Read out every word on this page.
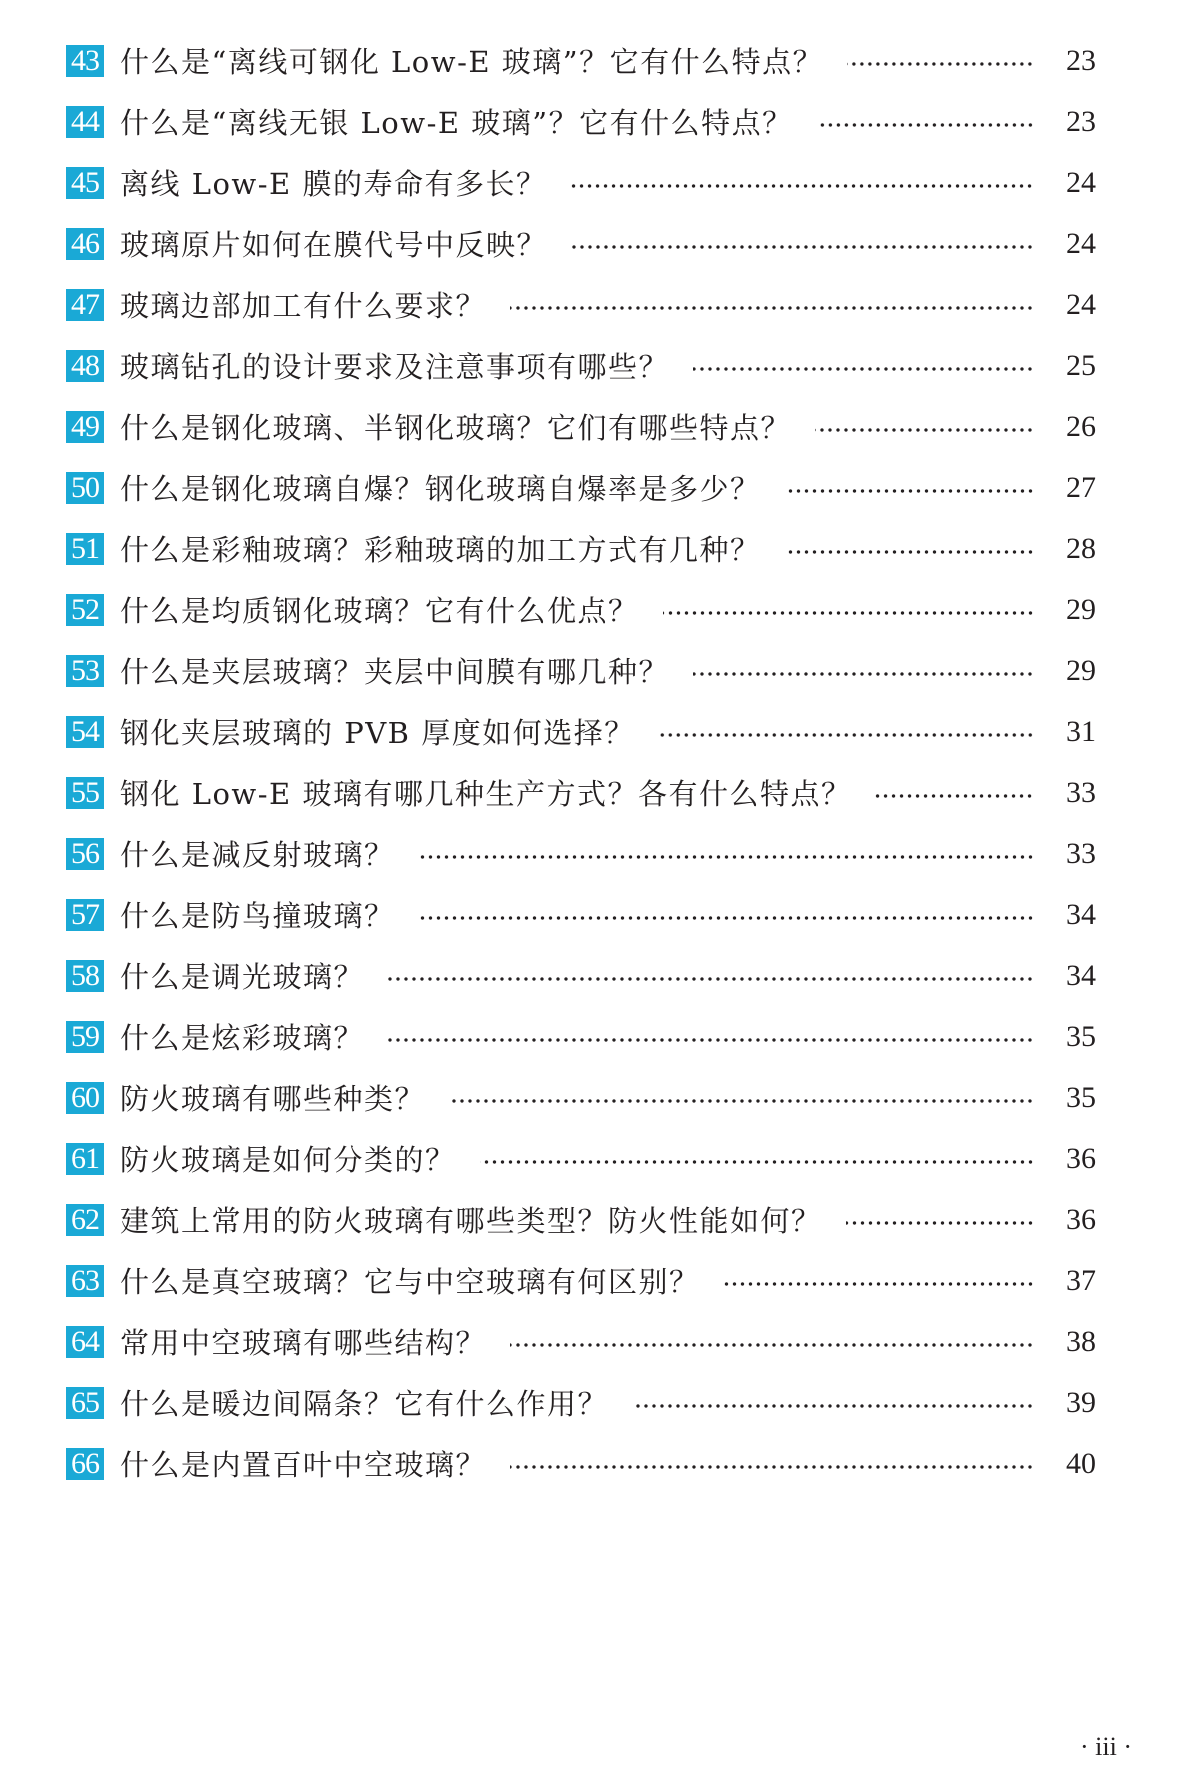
43 什么是“离线可钢化 Low-E 玻璃”？它有什么特点？	23
44 什么是“离线无银 Low-E 玻璃”？它有什么特点？	23
45 离线 Low-E 膜的寿命有多长？	24
46 玻璃原片如何在膜代号中反映？	24
47 玻璃边部加工有什么要求？	24
48 玻璃钻孔的设计要求及注意事项有哪些？	25
49 什么是钢化玻璃、半钢化玻璃？它们有哪些特点？	26
50 什么是钢化玻璃自爆？钢化玻璃自爆率是多少？	27
51 什么是彩釉玻璃？彩釉玻璃的加工方式有几种？	28
52 什么是均质钢化玻璃？它有什么优点？	29
53 什么是夹层玻璃？夹层中间膜有哪几种？	29
54 钢化夹层玻璃的 PVB 厚度如何选择？	31
55 钢化 Low-E 玻璃有哪几种生产方式？各有什么特点？	33
56 什么是减反射玻璃？	33
57 什么是防鸟撞玻璃？	34
58 什么是调光玻璃？	34
59 什么是炫彩玻璃？	35
60 防火玻璃有哪些种类？	35
61 防火玻璃是如何分类的？	36
62 建筑上常用的防火玻璃有哪些类型？防火性能如何？	36
63 什么是真空玻璃？它与中空玻璃有何区别？	37
64 常用中空玻璃有哪些结构？	38
65 什么是暖边间隔条？它有什么作用？	39
66 什么是内置百叶中空玻璃？	40
· iii ·
